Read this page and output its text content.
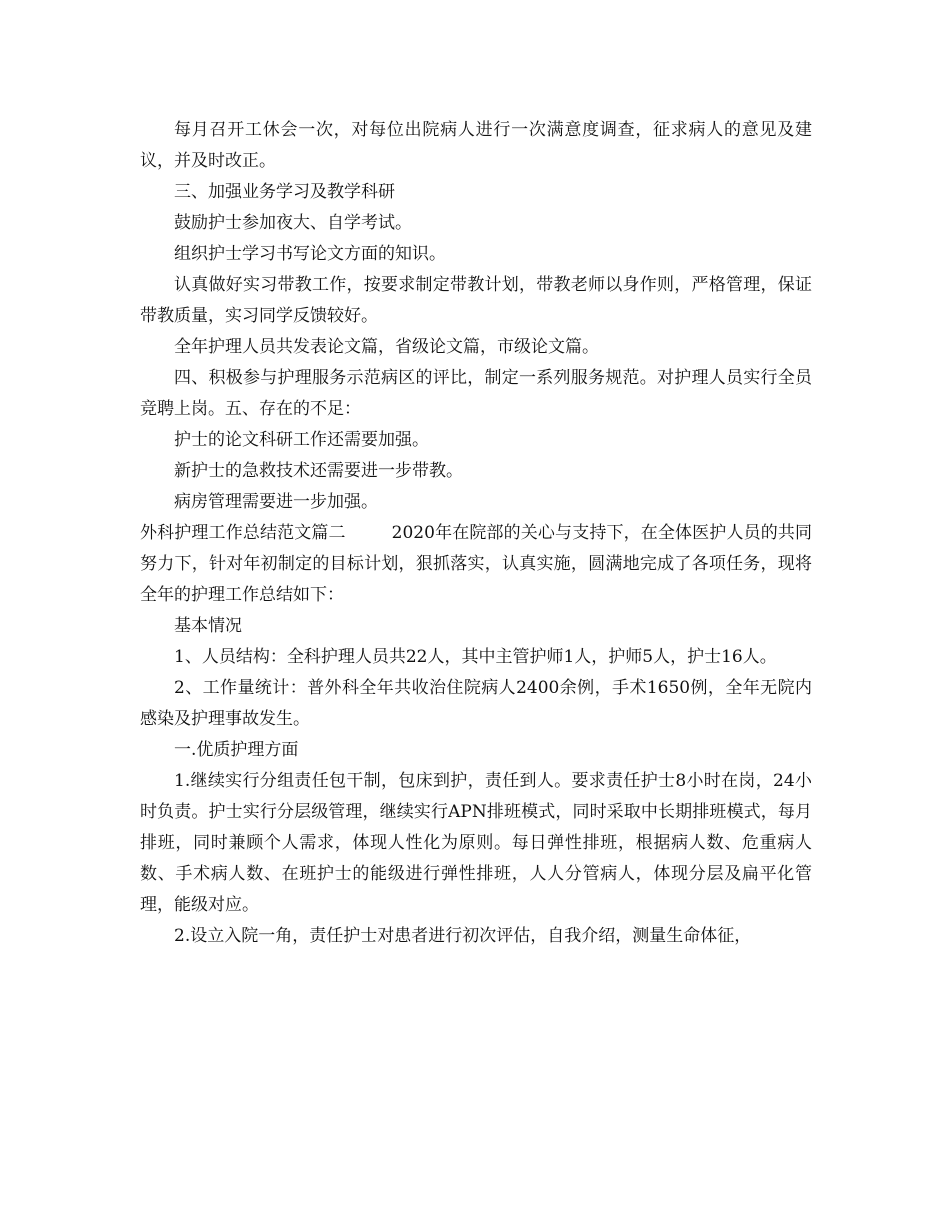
每月召开工休会一次，对每位出院病人进行一次满意度调查，征求病人的意见及建议，并及时改正。

三、加强业务学习及教学科研

鼓励护士参加夜大、自学考试。

组织护士学习书写论文方面的知识。

认真做好实习带教工作，按要求制定带教计划，带教老师以身作则，严格管理，保证带教质量，实习同学反馈较好。

全年护理人员共发表论文篇，省级论文篇，市级论文篇。

四、积极参与护理服务示范病区的评比，制定一系列服务规范。对护理人员实行全员竞聘上岗。五、存在的不足：

护士的论文科研工作还需要加强。

新护士的急救技术还需要进一步带教。

病房管理需要进一步加强。

外科护理工作总结范文篇二	2020年在院部的关心与支持下，在全体医护人员的共同努力下，针对年初制定的目标计划，狠抓落实，认真实施，圆满地完成了各项任务，现将全年的护理工作总结如下：

基本情况

1、人员结构：全科护理人员共22人，其中主管护师1人，护师5人，护士16人。

2、工作量统计：普外科全年共收治住院病人2400余例，手术1650例，全年无院内感染及护理事故发生。

一.优质护理方面

1.继续实行分组责任包干制，包床到护，责任到人。要求责任护士8小时在岗，24小时负责。护士实行分层级管理，继续实行APN排班模式，同时采取中长期排班模式，每月排班，同时兼顾个人需求，体现人性化为原则。每日弹性排班，根据病人数、危重病人数、手术病人数、在班护士的能级进行弹性排班，人人分管病人，体现分层及扁平化管理，能级对应。

2.设立入院一角，责任护士对患者进行初次评估，自我介绍，测量生命体征，
